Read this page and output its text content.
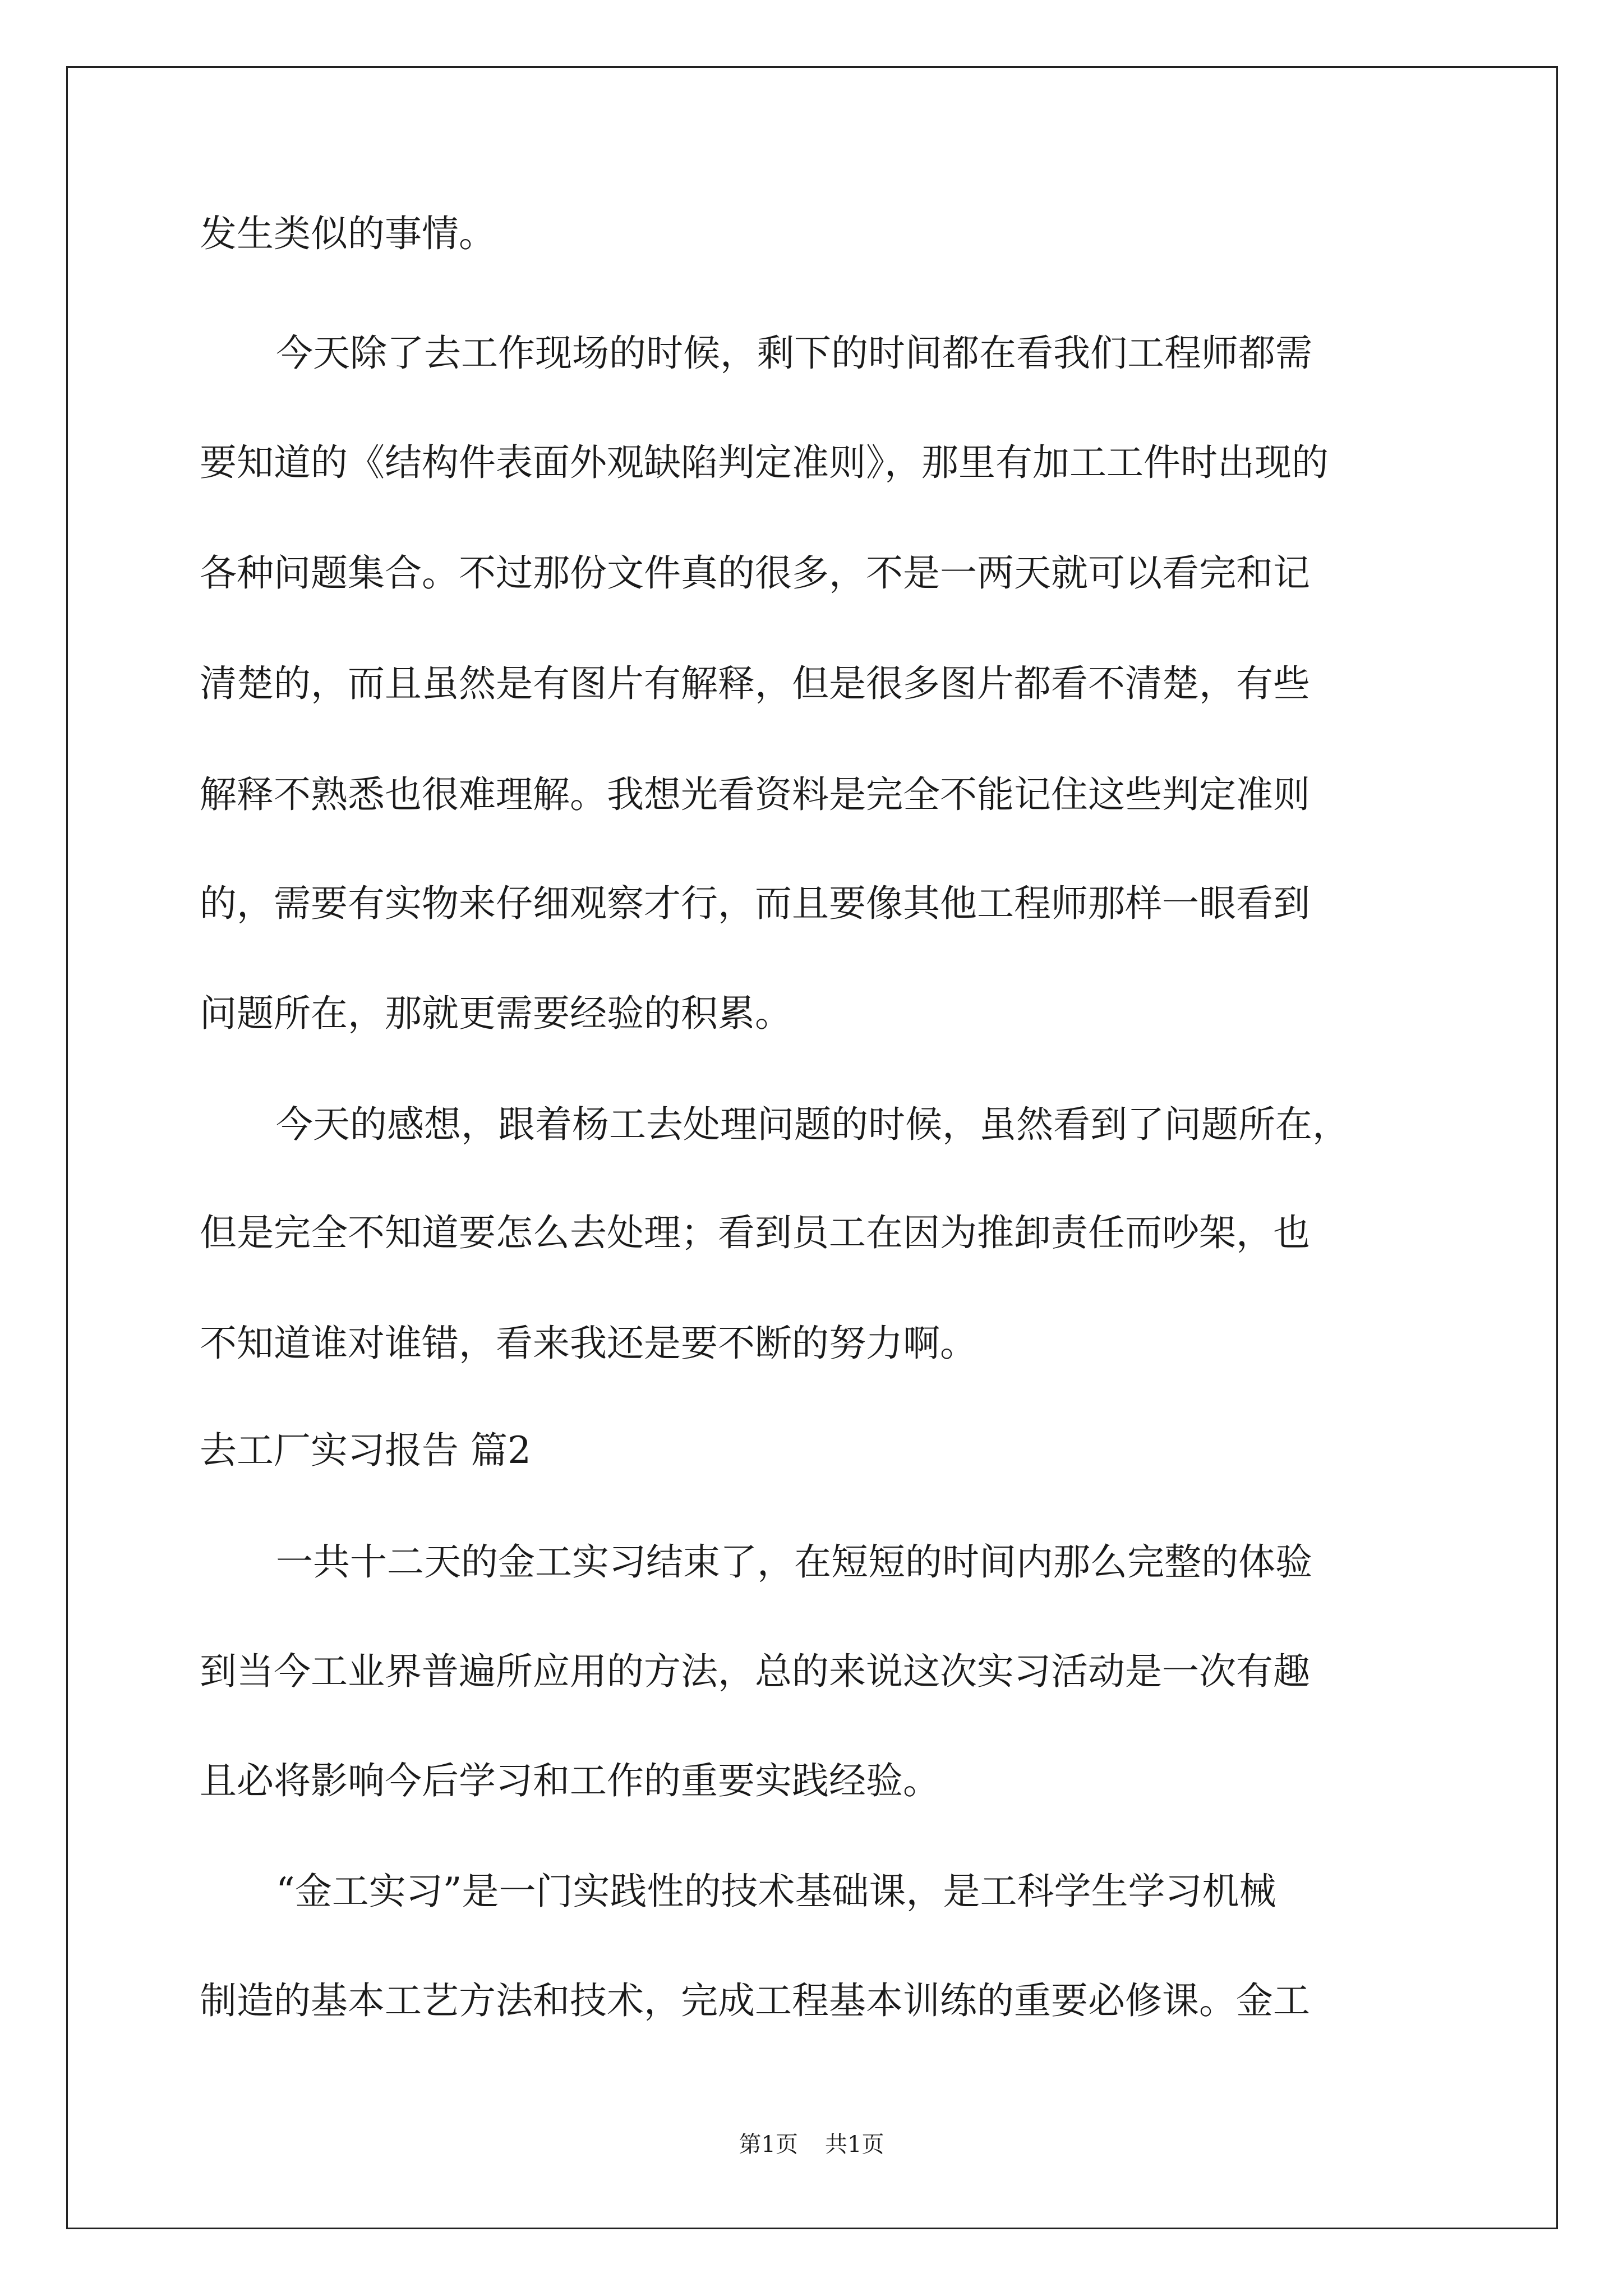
发生类似的事情。

今天除了去工作现场的时候，剩下的时间都在看我们工程师都需

要知道的《结构件表面外观缺陷判定准则》，那里有加工工件时出现的

各种问题集合。不过那份文件真的很多，不是一两天就可以看完和记

清楚的，而且虽然是有图片有解释，但是很多图片都看不清楚，有些

解释不熟悉也很难理解。我想光看资料是完全不能记住这些判定准则

的，需要有实物来仔细观察才行，而且要像其他工程师那样一眼看到

问题所在，那就更需要经验的积累。

今天的感想，跟着杨工去处理问题的时候，虽然看到了问题所在，

但是完全不知道要怎么去处理；看到员工在因为推卸责任而吵架，也

不知道谁对谁错，看来我还是要不断的努力啊。

去工厂实习报告 篇2

一共十二天的金工实习结束了，在短短的时间内那么完整的体验

到当今工业界普遍所应用的方法，总的来说这次实习活动是一次有趣

且必将影响今后学习和工作的重要实践经验。

“金工实习”是一门实践性的技术基础课，是工科学生学习机械

制造的基本工艺方法和技术，完成工程基本训练的重要必修课。金工

第1页 共1页
